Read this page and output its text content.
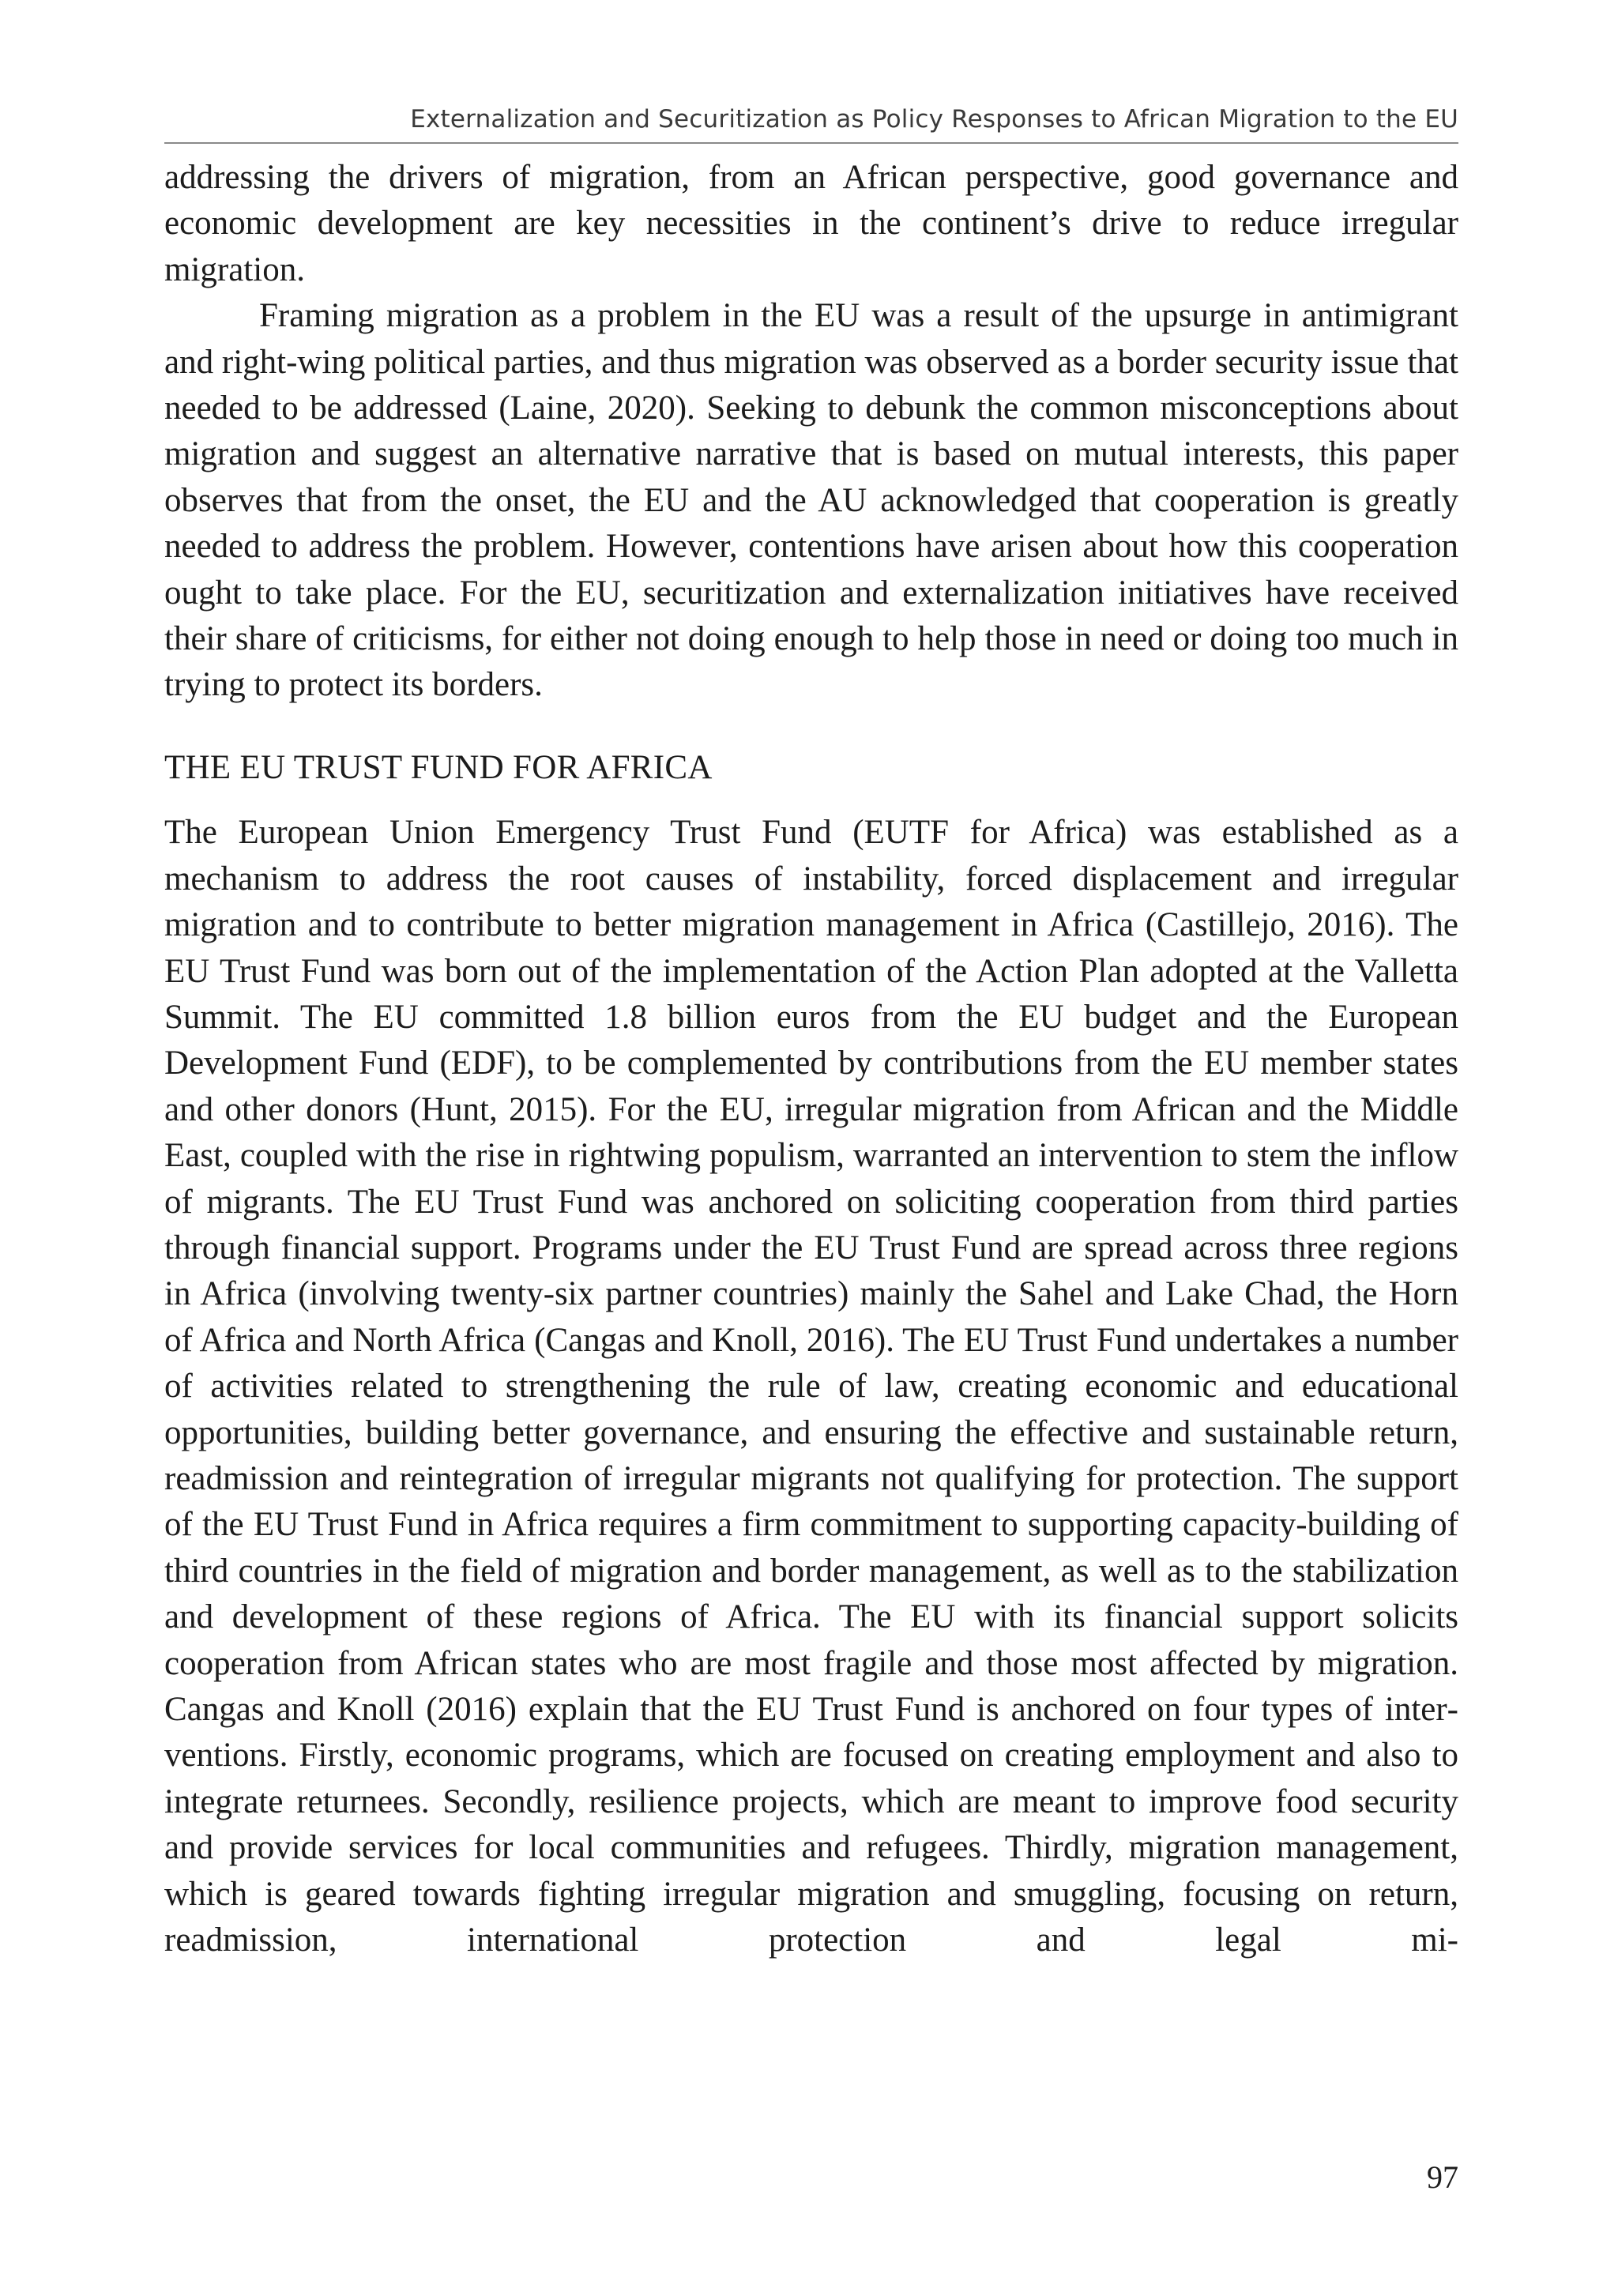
Externalization and Securitization as Policy Responses to African Migration to the EU

addressing the drivers of migration, from an African perspective, good governance and economic development are key necessities in the continent’s drive to reduce irregular migration.

Framing migration as a problem in the EU was a result of the upsurge in antimigrant and right-wing political parties, and thus migration was observed as a border security issue that needed to be addressed (Laine, 2020). Seeking to debunk the common misconceptions about migration and suggest an alternative narrative that is based on mutual interests, this paper observes that from the onset, the EU and the AU acknowledged that cooperation is greatly needed to address the problem. However, contentions have arisen about how this cooperation ought to take place. For the EU, securitization and externalization initiatives have received their share of criticisms, for either not doing enough to help those in need or doing too much in trying to protect its borders.

THE EU TRUST FUND FOR AFRICA

The European Union Emergency Trust Fund (EUTF for Africa) was established as a mechanism to address the root causes of instability, forced displacement and irregular migration and to contribute to better migration management in Africa (Castillejo, 2016). The EU Trust Fund was born out of the implementation of the Action Plan adopted at the Valletta Summit. The EU committed 1.8 billion euros from the EU budget and the European Development Fund (EDF), to be complemented by contributions from the EU member states and other donors (Hunt, 2015). For the EU, irregular migration from African and the Middle East, coupled with the rise in rightwing populism, warranted an intervention to stem the inflow of migrants. The EU Trust Fund was anchored on soliciting cooperation from third parties through financial support. Programs under the EU Trust Fund are spread across three regions in Africa (involving twenty-six partner countries) mainly the Sahel and Lake Chad, the Horn of Africa and North Africa (Cangas and Knoll, 2016). The EU Trust Fund undertakes a number of activities related to strengthening the rule of law, creating economic and educational opportunities, building better governance, and ensuring the effective and sustainable return, readmission and reintegration of irregular migrants not qualifying for protection. The support of the EU Trust Fund in Africa requires a firm commitment to supporting capacity-building of third countries in the field of migration and border management, as well as to the stabilization and development of these regions of Africa. The EU with its financial support solicits cooperation from African states who are most fragile and those most affected by migration. Cangas and Knoll (2016) explain that the EU Trust Fund is anchored on four types of interventions. Firstly, economic programs, which are focused on creating employment and also to integrate returnees. Secondly, resilience projects, which are meant to improve food security and provide services for local communities and refugees. Thirdly, migration management, which is geared towards fighting irregular migration and smuggling, focusing on return, readmission, international protection and legal mi-

97
